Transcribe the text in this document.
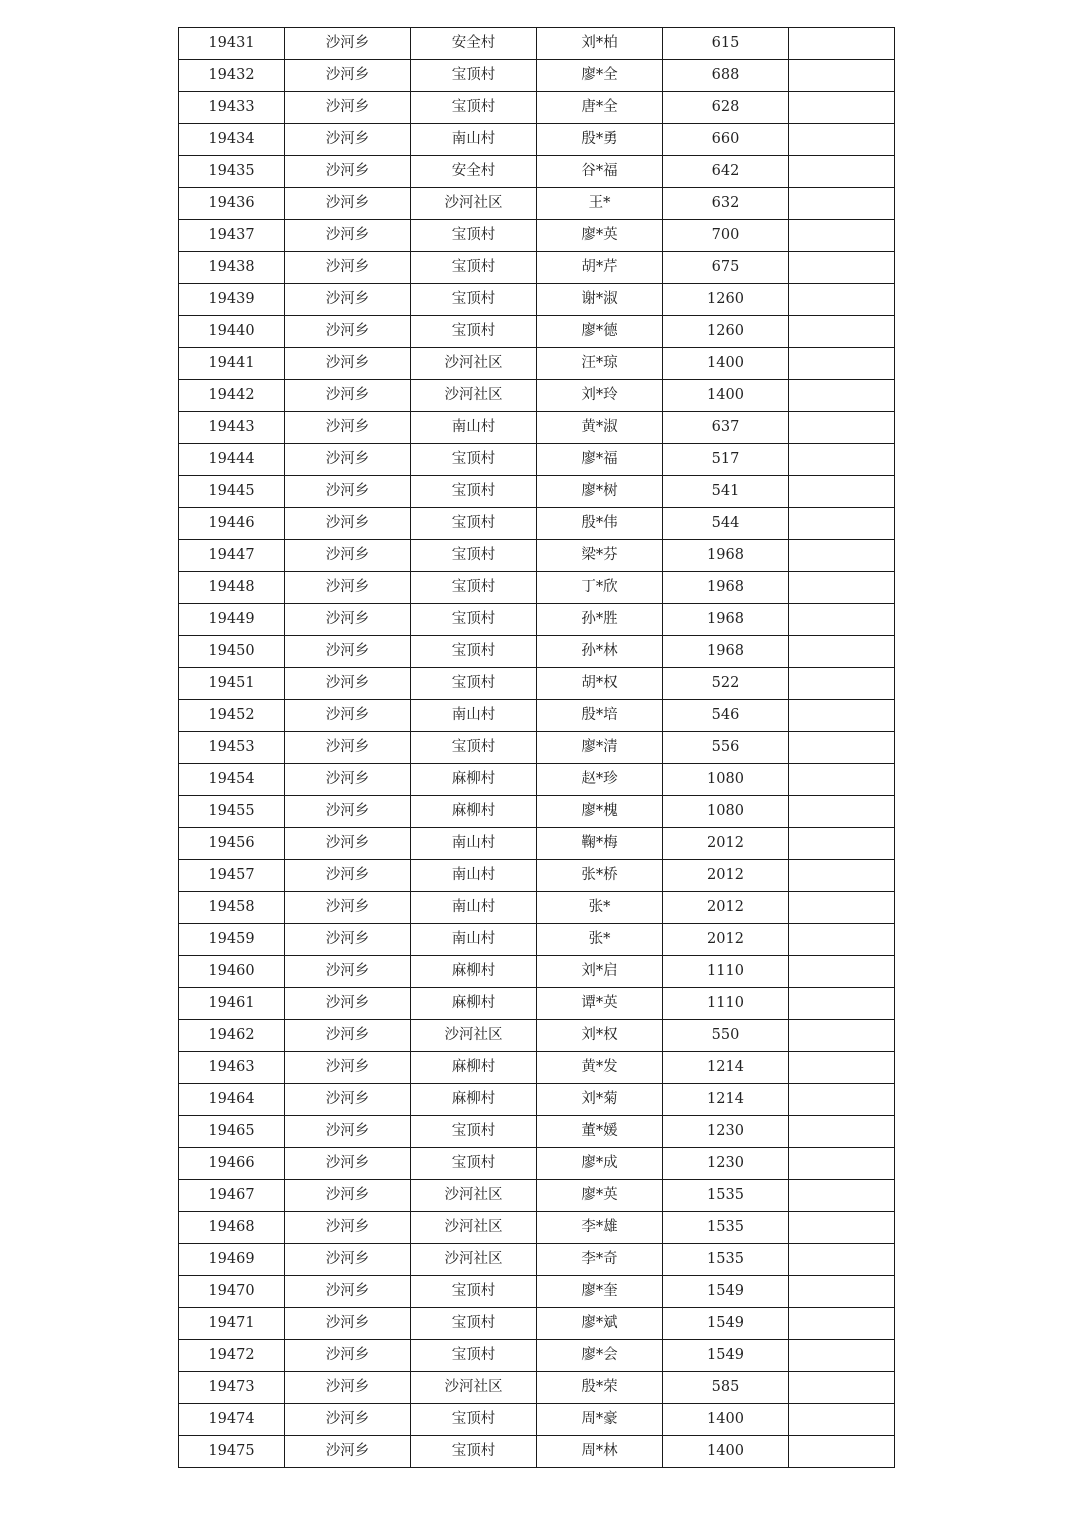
19431	沙河乡	安全村	刘*柏	615	
19432	沙河乡	宝顶村	廖*全	688	
19433	沙河乡	宝顶村	唐*全	628	
19434	沙河乡	南山村	殷*勇	660	
19435	沙河乡	安全村	谷*福	642	
19436	沙河乡	沙河社区	王*	632	
19437	沙河乡	宝顶村	廖*英	700	
19438	沙河乡	宝顶村	胡*芹	675	
19439	沙河乡	宝顶村	谢*淑	1260	
19440	沙河乡	宝顶村	廖*德	1260	
19441	沙河乡	沙河社区	汪*琼	1400	
19442	沙河乡	沙河社区	刘*玲	1400	
19443	沙河乡	南山村	黄*淑	637	
19444	沙河乡	宝顶村	廖*福	517	
19445	沙河乡	宝顶村	廖*树	541	
19446	沙河乡	宝顶村	殷*伟	544	
19447	沙河乡	宝顶村	梁*芬	1968	
19448	沙河乡	宝顶村	丁*欣	1968	
19449	沙河乡	宝顶村	孙*胜	1968	
19450	沙河乡	宝顶村	孙*林	1968	
19451	沙河乡	宝顶村	胡*权	522	
19452	沙河乡	南山村	殷*培	546	
19453	沙河乡	宝顶村	廖*清	556	
19454	沙河乡	麻柳村	赵*珍	1080	
19455	沙河乡	麻柳村	廖*槐	1080	
19456	沙河乡	南山村	鞠*梅	2012	
19457	沙河乡	南山村	张*桥	2012	
19458	沙河乡	南山村	张*	2012	
19459	沙河乡	南山村	张*	2012	
19460	沙河乡	麻柳村	刘*启	1110	
19461	沙河乡	麻柳村	谭*英	1110	
19462	沙河乡	沙河社区	刘*权	550	
19463	沙河乡	麻柳村	黄*发	1214	
19464	沙河乡	麻柳村	刘*菊	1214	
19465	沙河乡	宝顶村	董*媛	1230	
19466	沙河乡	宝顶村	廖*成	1230	
19467	沙河乡	沙河社区	廖*英	1535	
19468	沙河乡	沙河社区	李*雄	1535	
19469	沙河乡	沙河社区	李*奇	1535	
19470	沙河乡	宝顶村	廖*奎	1549	
19471	沙河乡	宝顶村	廖*斌	1549	
19472	沙河乡	宝顶村	廖*会	1549	
19473	沙河乡	沙河社区	殷*荣	585	
19474	沙河乡	宝顶村	周*豪	1400	
19475	沙河乡	宝顶村	周*林	1400	
